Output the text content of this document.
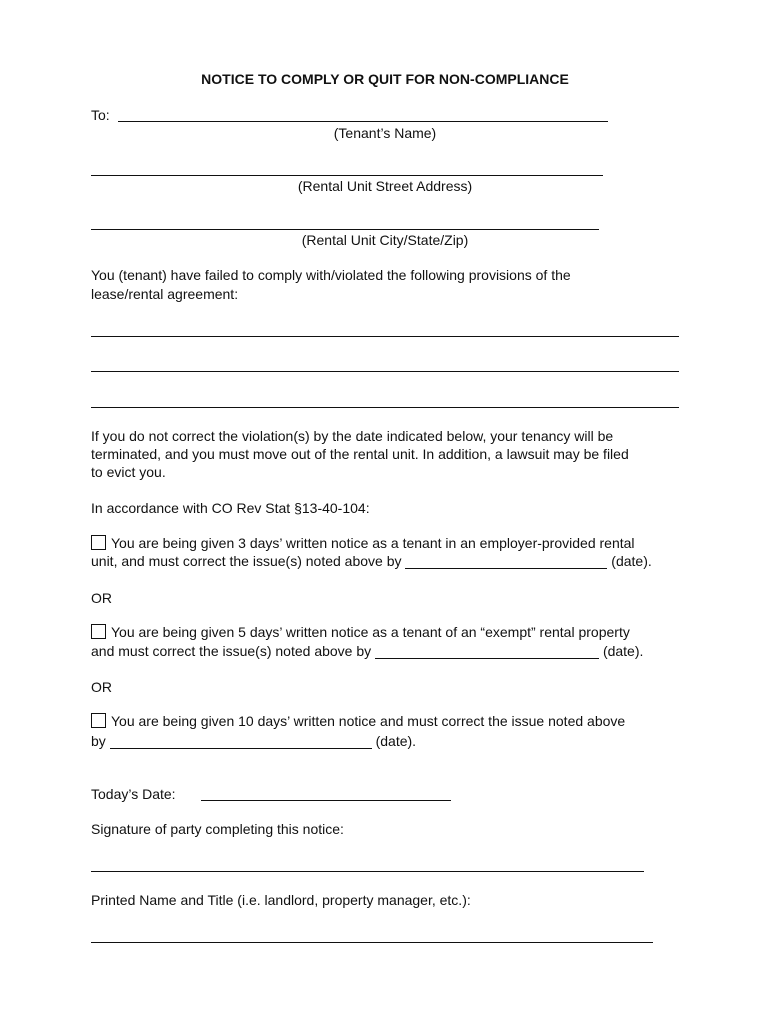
NOTICE TO COMPLY OR QUIT FOR NON-COMPLIANCE
To:
(Tenant’s Name)
(Rental Unit Street Address)
(Rental Unit City/State/Zip)
You (tenant) have failed to comply with/violated the following provisions of the
lease/rental agreement:
If you do not correct the violation(s) by the date indicated below, your tenancy will be
terminated, and you must move out of the rental unit. In addition, a lawsuit may be filed
to evict you.
In accordance with CO Rev Stat §13-40-104:
You are being given 3 days’ written notice as a tenant in an employer-provided rental
unit, and must correct the issue(s) noted above by	(date).
OR
You are being given 5 days’ written notice as a tenant of an “exempt” rental property
and must correct the issue(s) noted above by	(date).
OR
You are being given 10 days’ written notice and must correct the issue noted above
by	(date).
Today’s Date:
Signature of party completing this notice:
Printed Name and Title (i.e. landlord, property manager, etc.):
